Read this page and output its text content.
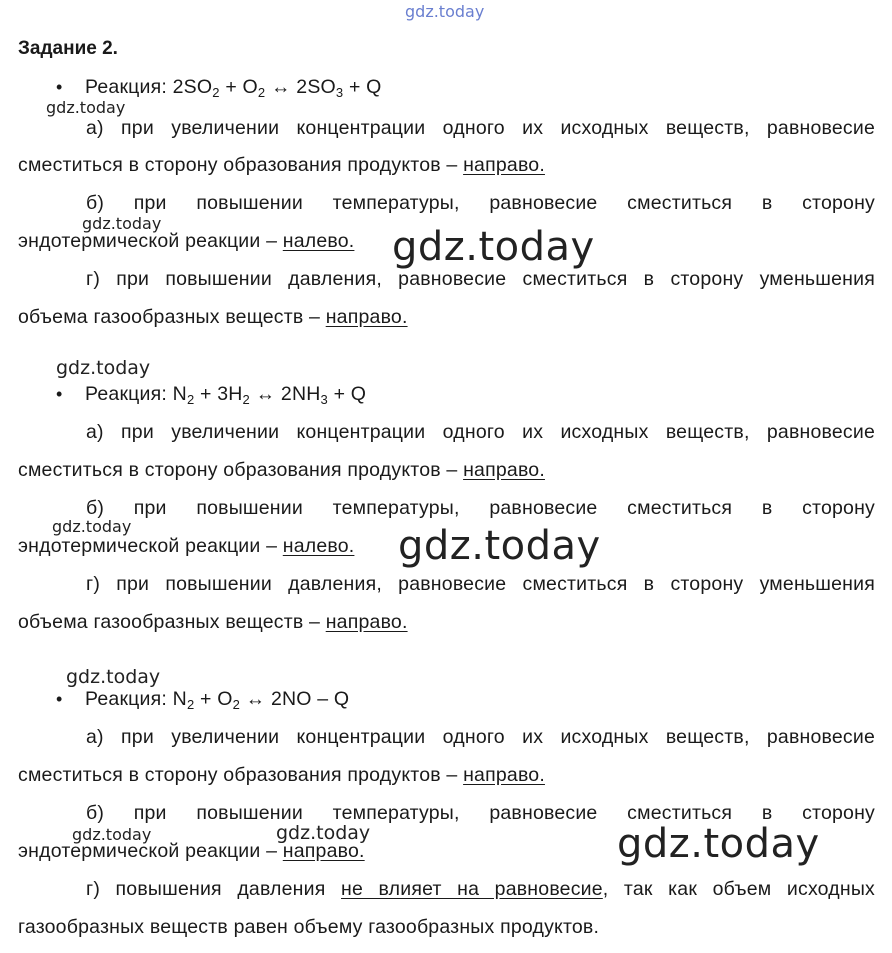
gdz.today
gdz.today
gdz.today
gdz.today
gdz.today
gdz.today	gdz.today
gdz.today
gdz.today	gdz.today	gdz.today
Задание 2.
• Реакция: $2SO_2 + O_2$ ↔ $2SO_3 + Q$
а) при увеличении концентрации одного их исходных веществ, равновесие
сместиться в сторону образования продуктов – направо.
б) при повышении температуры, равновесие сместиться в сторону
эндотермической реакции – налево.
г) при повышении давления, равновесие сместиться в сторону уменьшения
объема газообразных веществ – направо.
• Реакция: $N_2 + 3H_2$ ↔ $2NH_3 + Q$
а) при увеличении концентрации одного их исходных веществ, равновесие
сместиться в сторону образования продуктов – направо.
б) при повышении температуры, равновесие сместиться в сторону
эндотермической реакции – налево.
г) при повышении давления, равновесие сместиться в сторону уменьшения
объема газообразных веществ – направо.
• Реакция: $N_2 + O_2$ ↔ 2NO – Q
а) при увеличении концентрации одного их исходных веществ, равновесие
сместиться в сторону образования продуктов – направо.
б) при повышении температуры, равновесие сместиться в сторону
эндотермической реакции – направо.
г) повышения давления не влияет на равновесие, так как объем исходных
газообразных веществ равен объему газообразных продуктов.
